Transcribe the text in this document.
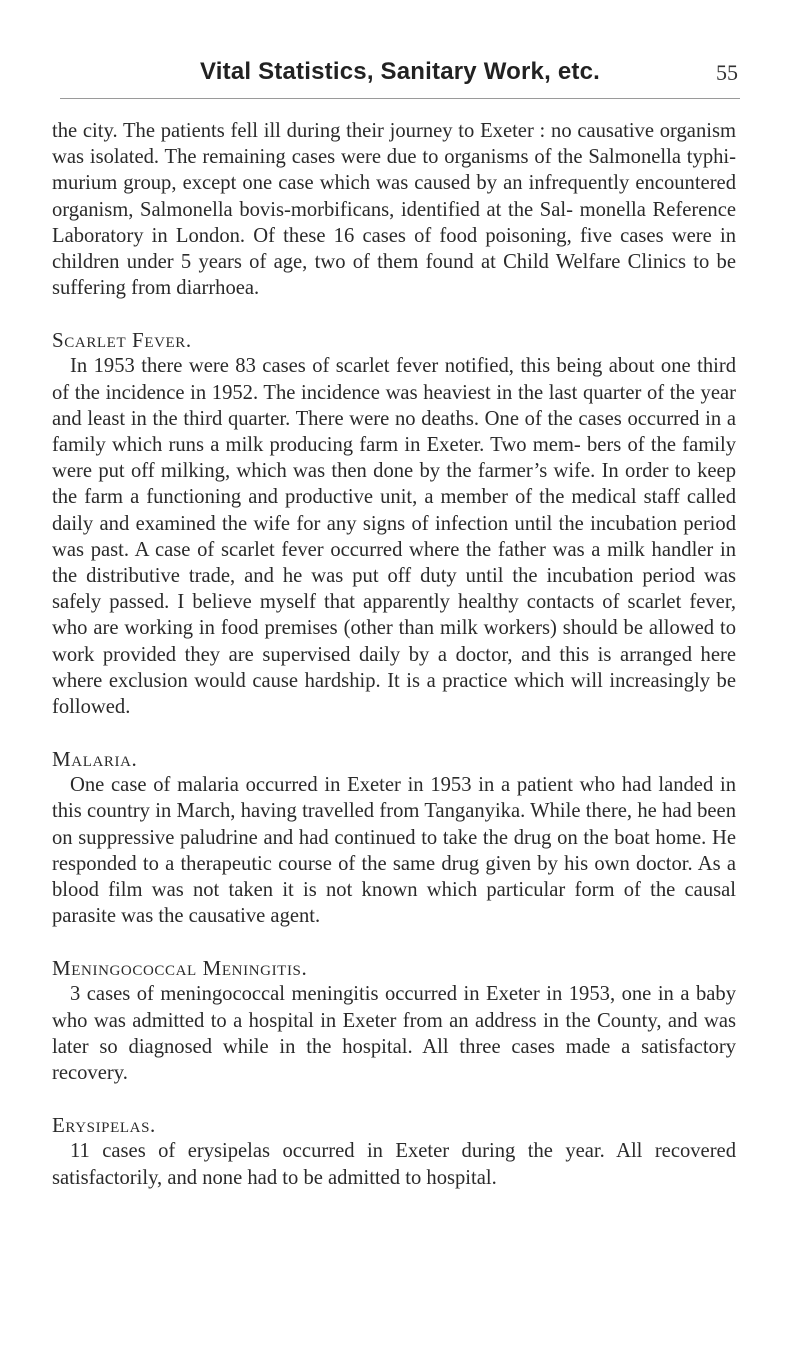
Vital Statistics, Sanitary Work, etc.	55

the city. The patients fell ill during their journey to Exeter : no causative organism was isolated. The remaining cases were due to organisms of the Salmonella typhi-murium group, except one case which was caused by an infrequently encountered organism, Salmonella bovis-morbificans, identified at the Sal- monella Reference Laboratory in London. Of these 16 cases of food poisoning, five cases were in children under 5 years of age, two of them found at Child Welfare Clinics to be suffering from diarrhoea.

Scarlet Fever.

In 1953 there were 83 cases of scarlet fever notified, this being about one third of the incidence in 1952. The incidence was heaviest in the last quarter of the year and least in the third quarter. There were no deaths. One of the cases occurred in a family which runs a milk producing farm in Exeter. Two mem- bers of the family were put off milking, which was then done by the farmer’s wife. In order to keep the farm a functioning and productive unit, a member of the medical staff called daily and examined the wife for any signs of infection until the incubation period was past. A case of scarlet fever occurred where the father was a milk handler in the distributive trade, and he was put off duty until the incubation period was safely passed. I believe myself that apparently healthy contacts of scarlet fever, who are working in food premises (other than milk workers) should be allowed to work provided they are supervised daily by a doctor, and this is arranged here where exclusion would cause hardship. It is a practice which will increasingly be followed.

Malaria.

One case of malaria occurred in Exeter in 1953 in a patient who had landed in this country in March, having travelled from Tanganyika. While there, he had been on suppressive paludrine and had continued to take the drug on the boat home. He responded to a therapeutic course of the same drug given by his own doctor. As a blood film was not taken it is not known which particular form of the causal parasite was the causative agent.

Meningococcal Meningitis.

3 cases of meningococcal meningitis occurred in Exeter in 1953, one in a baby who was admitted to a hospital in Exeter from an address in the County, and was later so diagnosed while in the hospital. All three cases made a satisfactory recovery.

Erysipelas.

11 cases of erysipelas occurred in Exeter during the year. All recovered satisfactorily, and none had to be admitted to hospital.
